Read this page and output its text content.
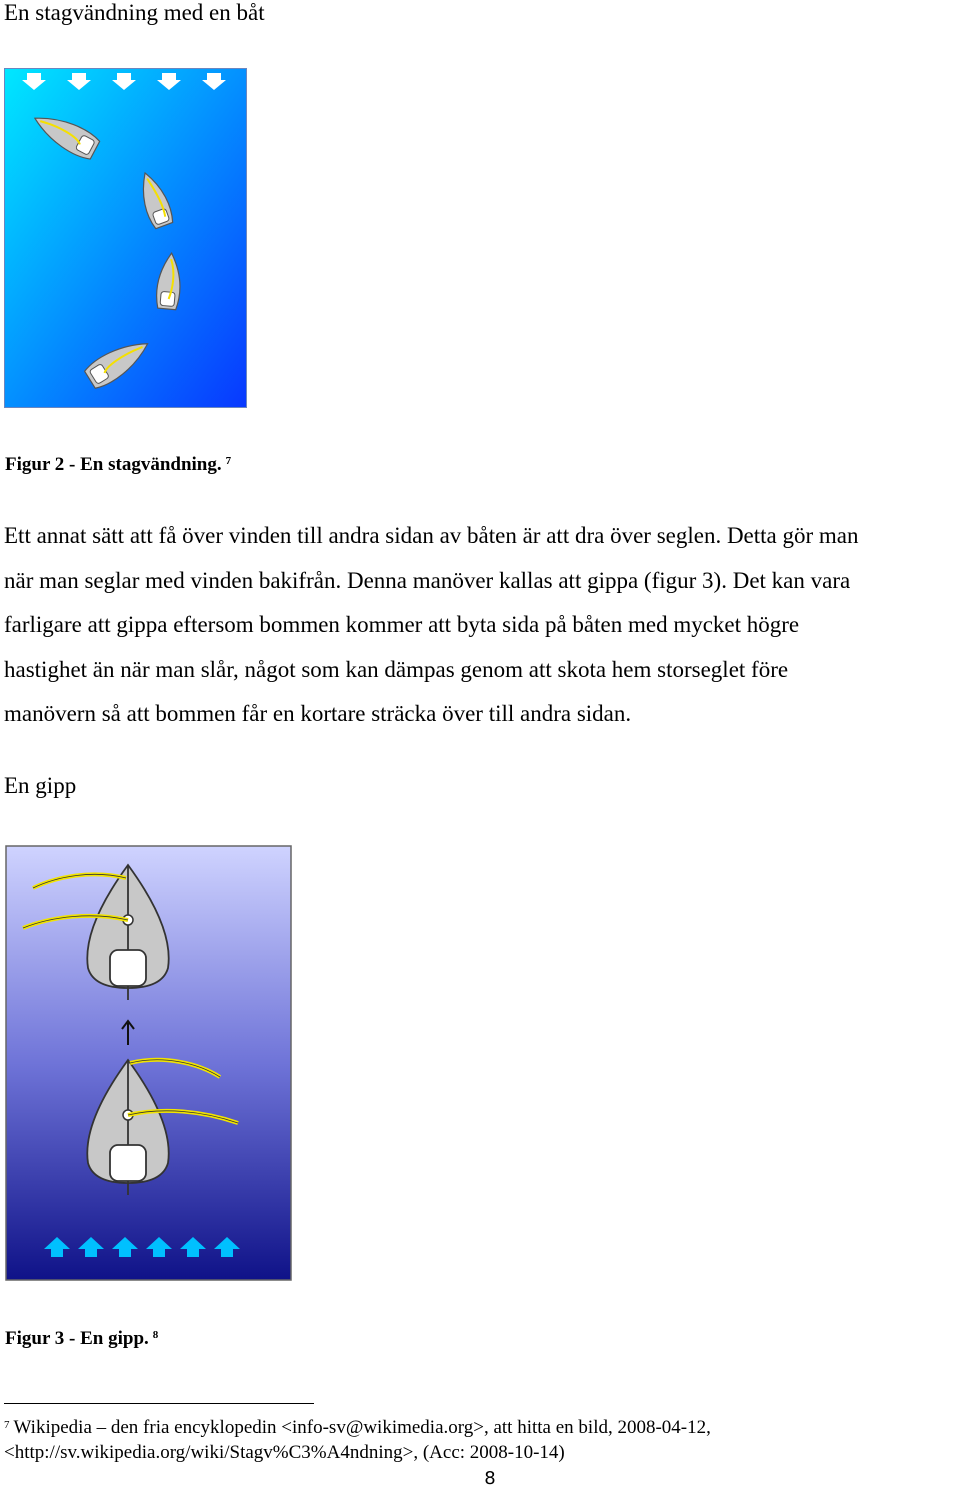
En stagvändning med en båt
Figur 2 - En stagvändning. $^7$

Ett annat sätt att få över vinden till andra sidan av båten är att dra över seglen. Detta gör man

när man seglar med vinden bakifrån. Denna manöver kallas att gippa (figur 3). Det kan vara

farligare att gippa eftersom bommen kommer att byta sida på båten med mycket högre

hastighet än när man slår, något som kan dämpas genom att skota hem storseglet före

manövern så att bommen får en kortare sträcka över till andra sidan.

En gipp
Figur 3 - En gipp. $^8$
$^7$ Wikipedia – den fria encyklopedin <info-sv@wikimedia.org>, att hitta en bild, 2008-04-12,
<http://sv.wikipedia.org/wiki/Stagv%C3%A4ndning>, (Acc: 2008-10-14)
8
